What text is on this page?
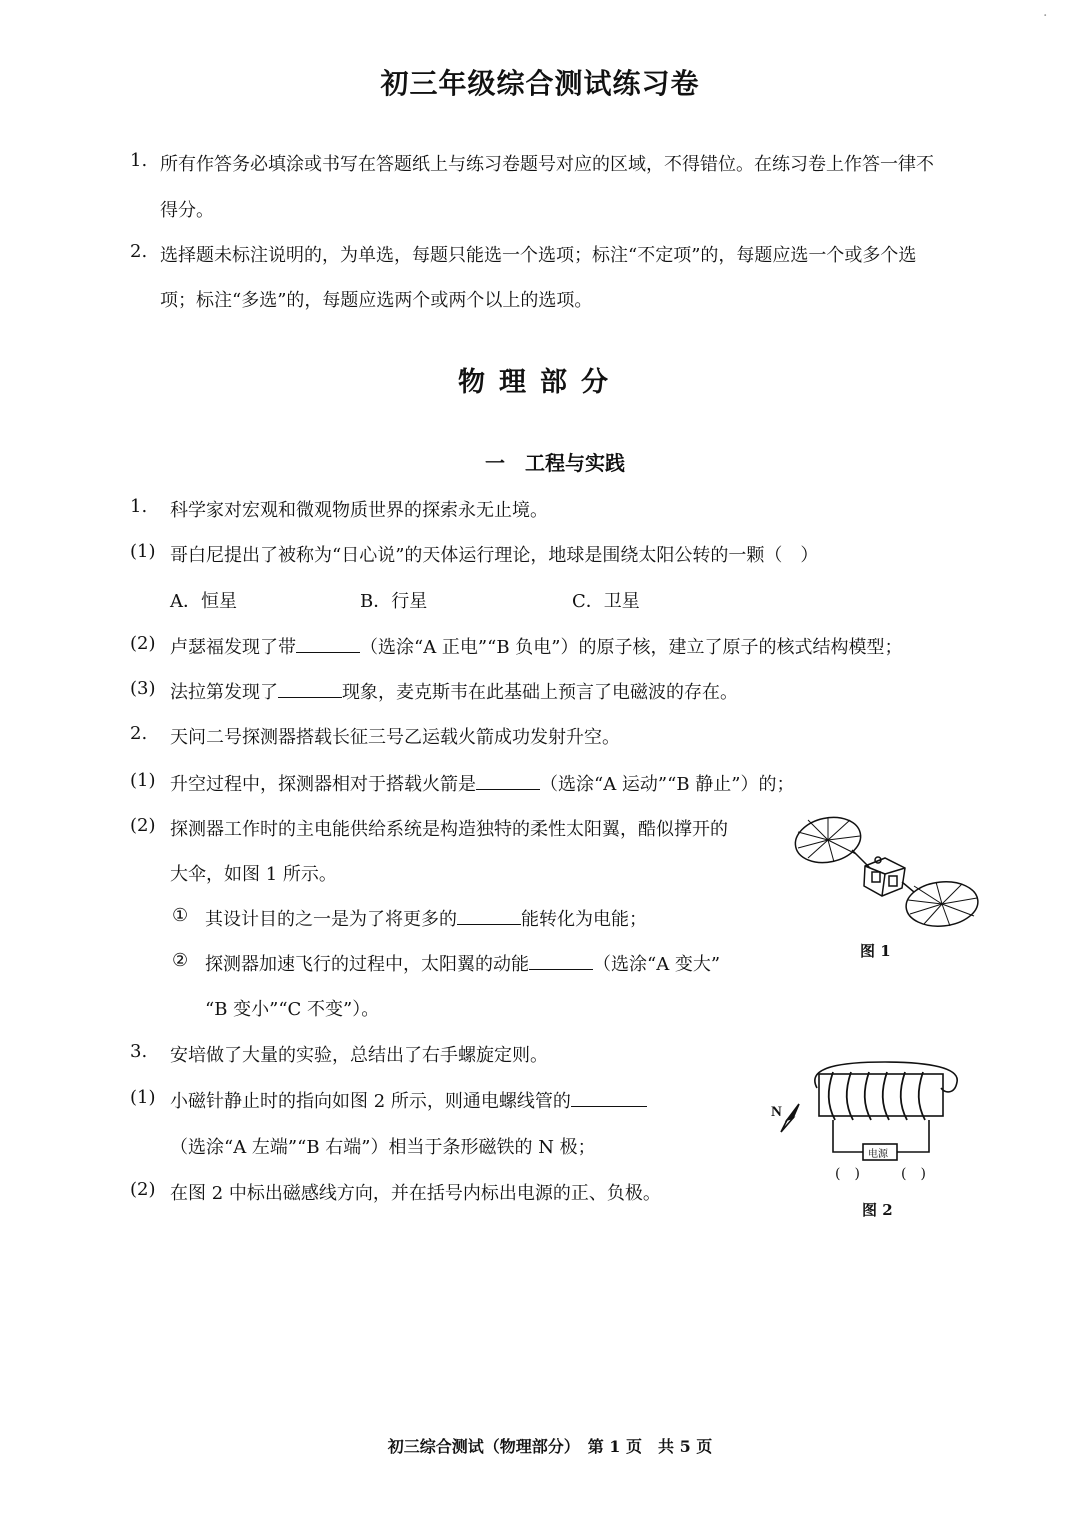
·
初三年级综合测试练习卷
1. 所有作答务必填涂或书写在答题纸上与练习卷题号对应的区域，不得错位。在练习卷上作答一律不
得分。
2. 选择题未标注说明的，为单选，每题只能选一个选项；标注“不定项”的，每题应选一个或多个选
项；标注“多选”的，每题应选两个或两个以上的选项。
物理部分
一　工程与实践
1. 科学家对宏观和微观物质世界的探索永无止境。
(1) 哥白尼提出了被称为“日心说”的天体运行理论，地球是围绕太阳公转的一颗（　）
A．恒星	B．行星	C．卫星
(2) 卢瑟福发现了带	（选涂“A 正电”“B 负电”）的原子核，建立了原子的核式结构模型；
(3) 法拉第发现了	现象，麦克斯韦在此基础上预言了电磁波的存在。
2. 天问二号探测器搭载长征三号乙运载火箭成功发射升空。
(1) 升空过程中，探测器相对于搭载火箭是	（选涂“A 运动”“B 静止”）的；
(2) 探测器工作时的主电能供给系统是构造独特的柔性太阳翼，酷似撑开的
大伞，如图 1 所示。
① 其设计目的之一是为了将更多的	能转化为电能；
② 探测器加速飞行的过程中，太阳翼的动能	（选涂“A 变大”
“B 变小”“C 不变”）。
图 1
3. 安培做了大量的实验，总结出了右手螺旋定则。
(1) 小磁针静止时的指向如图 2 所示，则通电螺线管的
（选涂“A 左端”“B 右端”）相当于条形磁铁的 N 极；
(2) 在图 2 中标出磁感线方向，并在括号内标出电源的正、负极。
N
电源
(　)	(　)
图 2
初三综合测试（物理部分）　第 1 页　共 5 页
